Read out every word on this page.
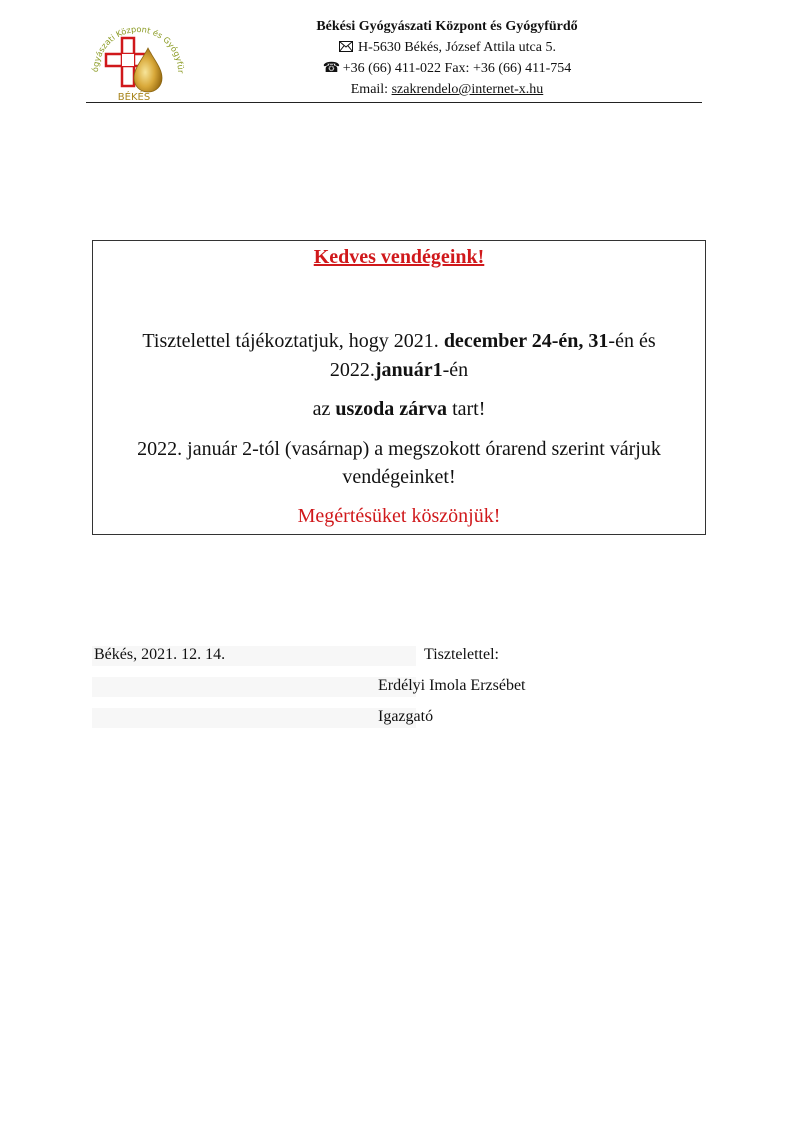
ógyászati Központ és Gyógyfür
BÉKÉS
Békési Gyógyászati Központ és Gyógyfürdő
H-5630 Békés, József Attila utca 5.
☎ +36 (66) 411-022 Fax: +36 (66) 411-754
Email: szakrendelo@internet-x.hu
Kedves vendégeink!
Tisztelettel tájékoztatjuk, hogy 2021. december 24-én, 31-én és 2022.január1-én
az uszoda zárva tart!
2022. január 2-tól (vasárnap) a megszokott órarend szerint várjuk vendégeinket!
Megértésüket köszönjük!
Békés, 2021. 12. 14.	Tisztelettel:
Erdélyi Imola Erzsébet
Igazgató
